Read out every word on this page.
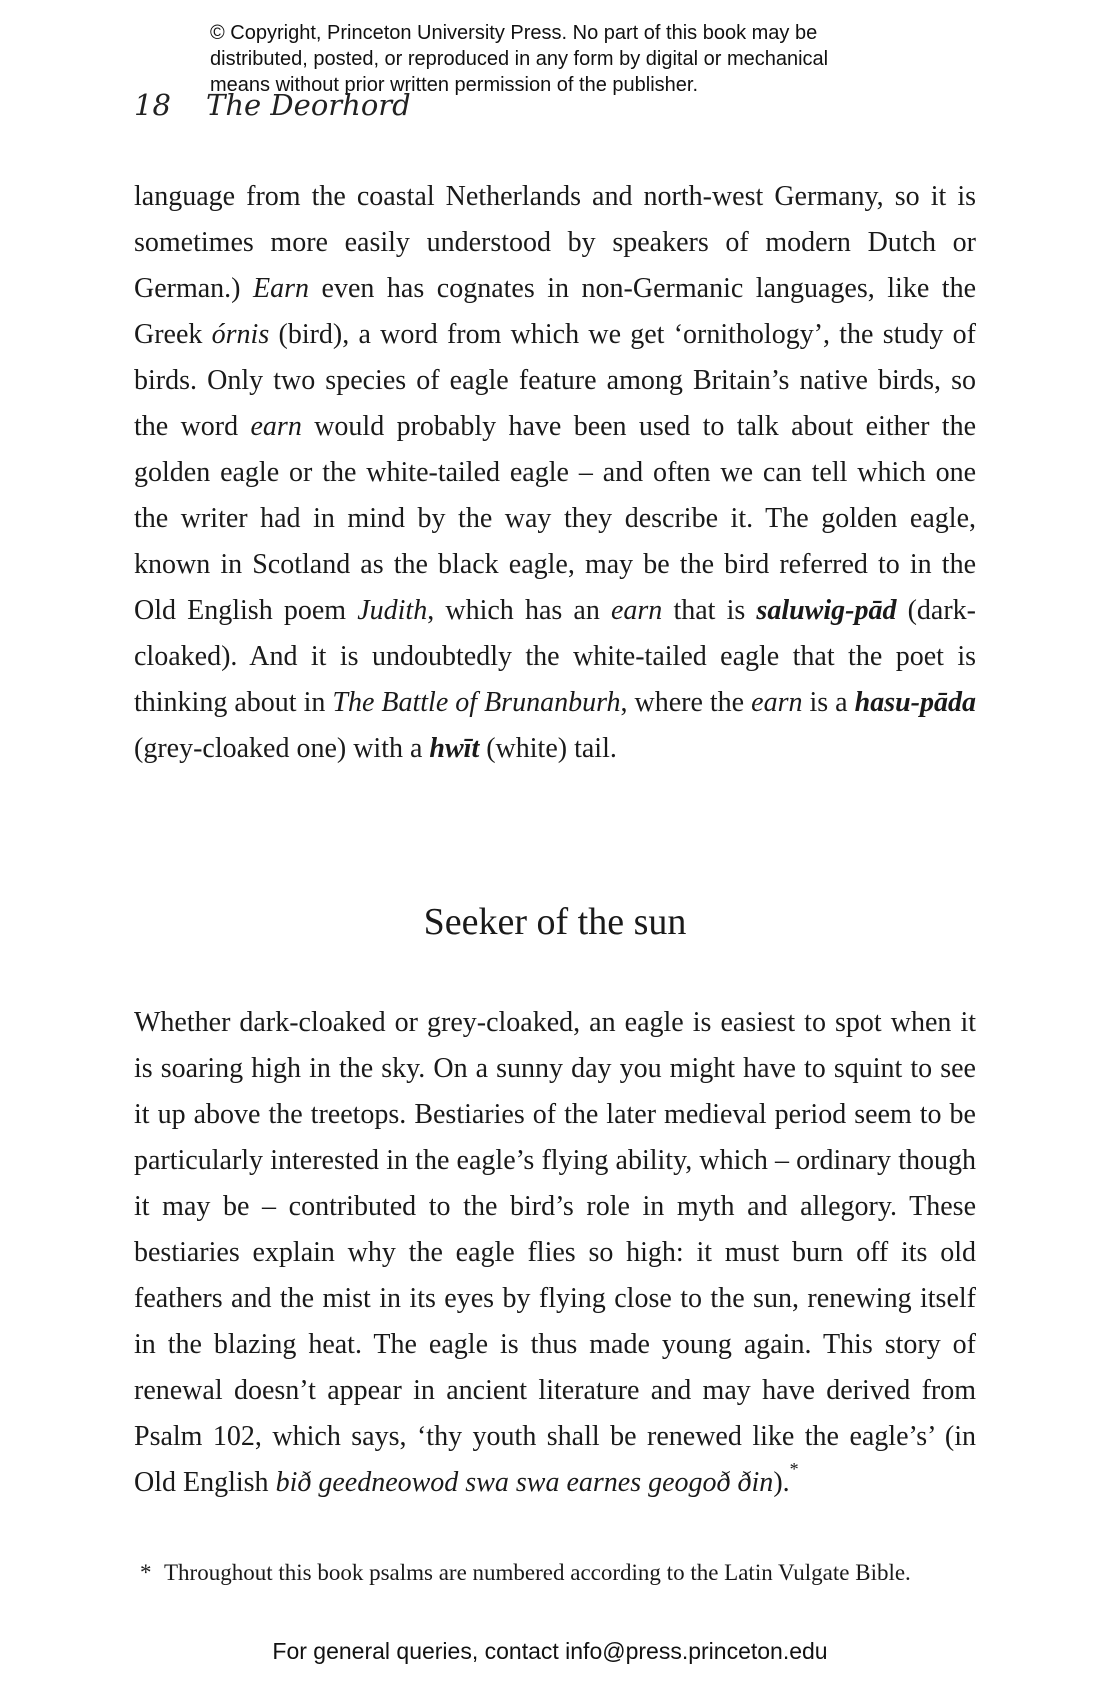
© Copyright, Princeton University Press. No part of this book may be
distributed, posted, or reproduced in any form by digital or mechanical
means without prior written permission of the publisher.
18 The Deorhord
language from the coastal Netherlands and north-west Germany, so it is sometimes more easily understood by speakers of modern Dutch or German.) Earn even has cognates in non-Germanic languages, like the Greek órnis (bird), a word from which we get ‘ornithology’, the study of birds. Only two species of eagle feature among Britain’s native birds, so the word earn would probably have been used to talk about either the golden eagle or the white-tailed eagle – and often we can tell which one the writer had in mind by the way they describe it. The golden eagle, known in Scotland as the black eagle, may be the bird referred to in the Old English poem Judith, which has an earn that is saluwig-pād (dark-cloaked). And it is undoubtedly the white-tailed eagle that the poet is thinking about in The Battle of Brunanburh, where the earn is a hasu-pāda (grey-cloaked one) with a hwīt (white) tail.
Seeker of the sun
Whether dark-cloaked or grey-cloaked, an eagle is easiest to spot when it is soaring high in the sky. On a sunny day you might have to squint to see it up above the treetops. Bestiaries of the later medieval period seem to be particularly interested in the eagle’s flying ability, which – ordinary though it may be – contributed to the bird’s role in myth and allegory. These bestiaries explain why the eagle flies so high: it must burn off its old feathers and the mist in its eyes by flying close to the sun, renewing itself in the blazing heat. The eagle is thus made young again. This story of renewal doesn’t appear in ancient literature and may have derived from Psalm 102, which says, ‘thy youth shall be renewed like the eagle’s’ (in Old English bið geedneowod swa swa earnes geogoð ðin).*
* Throughout this book psalms are numbered according to the Latin Vulgate Bible.
For general queries, contact info@press.princeton.edu
